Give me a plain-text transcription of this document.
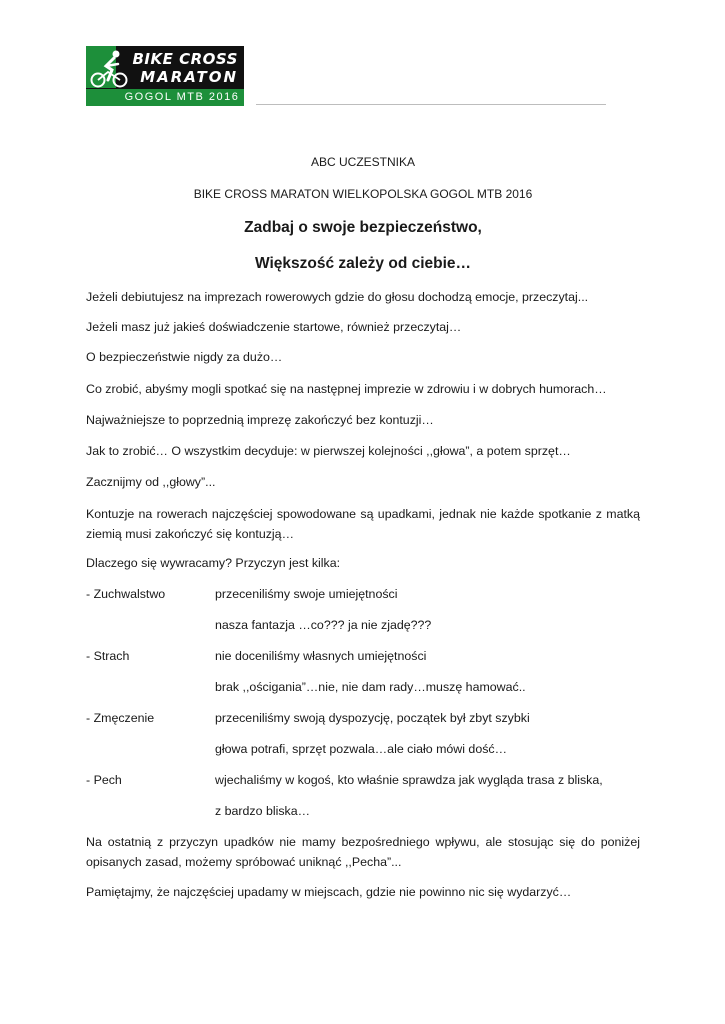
BIKE CROSS
MARATON
GOGOL MTB 2016
ABC UCZESTNIKA
BIKE CROSS MARATON WIELKOPOLSKA GOGOL MTB 2016
Zadbaj o swoje bezpieczeństwo,
Większość zależy od ciebie…
Jeżeli debiutujesz na imprezach rowerowych gdzie do głosu dochodzą emocje, przeczytaj...
Jeżeli masz już jakieś doświadczenie startowe, również przeczytaj…
O bezpieczeństwie nigdy za dużo…
Co zrobić, abyśmy mogli spotkać się na następnej imprezie w zdrowiu i w dobrych humorach…
Najważniejsze to poprzednią imprezę zakończyć bez kontuzji…
Jak to zrobić… O wszystkim decyduje: w pierwszej kolejności ,,głowa”, a potem sprzęt…
Zacznijmy od ,,głowy”...
Kontuzje na rowerach najczęściej spowodowane są upadkami, jednak nie każde spotkanie z matką ziemią musi zakończyć się kontuzją…
Dlaczego się wywracamy? Przyczyn jest kilka:
- Zuchwalstwo	przeceniliśmy swoje umiejętności
nasza fantazja …co??? ja nie zjadę???
- Strach	nie doceniliśmy własnych umiejętności
brak ,,ościgania”…nie, nie dam rady…muszę hamować..
- Zmęczenie	przeceniliśmy swoją dyspozycję, początek był zbyt szybki
głowa potrafi, sprzęt pozwala…ale ciało mówi dość…
- Pech	wjechaliśmy w kogoś, kto właśnie sprawdza jak wygląda trasa z bliska,
z bardzo bliska…
Na ostatnią z przyczyn upadków nie mamy bezpośredniego wpływu, ale stosując się do poniżej opisanych zasad, możemy spróbować uniknąć ,,Pecha”...
Pamiętajmy, że najczęściej upadamy w miejscach, gdzie nie powinno nic się wydarzyć…
